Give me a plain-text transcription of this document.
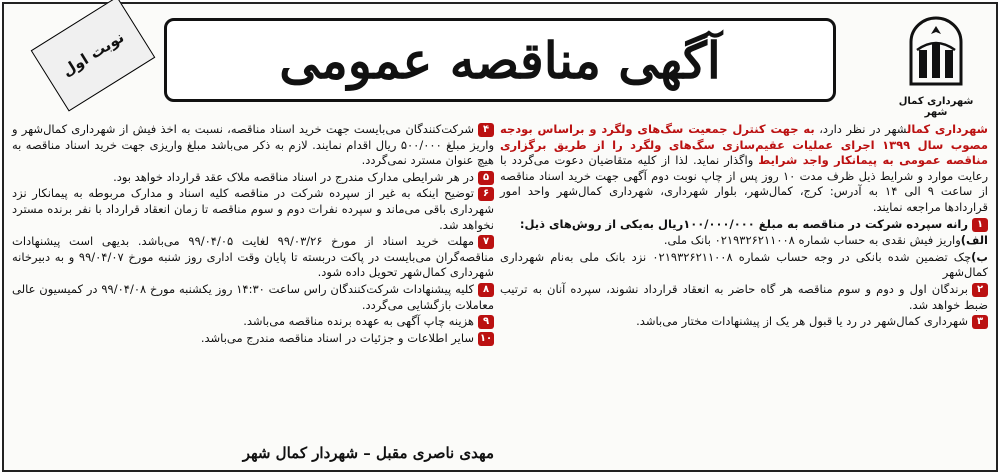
نوبت اول	آگهی مناقصه عمومی
شهرداری کمال شهر
شهرداری کمالشهر در نظر دارد، به جهت کنترل جمعیت سگ‌های ولگرد و براساس بودجه مصوب سال ۱۳۹۹ اجرای عملیات عقیم‌سازی سگ‌های ولگرد را از طریق برگزاری مناقصه عمومی به پیمانکار واجد شرایط واگذار نماید. لذا از کلیه متقاضیان دعوت می‌گردد با رعایت موارد و شرایط ذیل ظرف مدت ۱۰ روز پس از چاپ نوبت دوم آگهی جهت خرید اسناد مناقصه از ساعت ۹ الی ۱۴ به آدرس: کرج، کمال‌شهر، بلوار شهرداری، شهرداری کمال‌شهر واحد امور قراردادها مراجعه نمایند.
۱رانه سپرده شرکت در مناقصه به مبلغ ۱۰۰/۰۰۰/۰۰۰ریال به‌یکی از روش‌های ذیل:
الف)واریز فیش نقدی به حساب شماره ۰۲۱۹۳۲۶۲۱۱۰۰۸ بانک ملی.
ب)چک تضمین شده بانکی در وجه حساب شماره ۰۲۱۹۳۲۶۲۱۱۰۰۸ نزد بانک ملی به‌نام شهرداری کمال‌شهر
۲برندگان اول و دوم و سوم مناقصه هر گاه حاضر به انعقاد قرارداد نشوند، سپرده آنان به ترتیب ضبط خواهد شد.
۳شهرداری کمال‌شهر در رد یا قبول هر یک از پیشنهادات مختار می‌باشد.
۴شرکت‌کنندگان می‌بایست جهت خرید اسناد مناقصه، نسبت به اخذ فیش از شهرداری کمال‌شهر و واریز مبلغ ۵۰۰/۰۰۰ ریال اقدام نمایند. لازم به ذکر می‌باشد مبلغ واریزی جهت خرید اسناد مناقصه به هیچ عنوان مسترد نمی‌گردد.
۵در هر شرایطی مدارک مندرج در اسناد مناقصه ملاک عقد قرارداد خواهد بود.
۶توضیح اینکه به غیر از سپرده شرکت در مناقصه کلیه اسناد و مدارک مربوطه به پیمانکار نزد شهرداری باقی می‌ماند و سپرده نفرات دوم و سوم مناقصه تا زمان انعقاد قرارداد با نفر برنده مسترد نخواهد شد.
۷مهلت خرید اسناد از مورخ ۹۹/۰۳/۲۶ لغایت ۹۹/۰۴/۰۵ می‌باشد. بدیهی است پیشنهادات مناقصه‌گران می‌بایست در پاکت دربسته تا پایان وقت اداری روز شنبه مورخ ۹۹/۰۴/۰۷ و به دبیرخانه شهرداری کمال‌شهر تحویل داده شود.
۸کلیه پیشنهادات شرکت‌کنندگان راس ساعت ۱۴:۳۰ روز یکشنبه مورخ ۹۹/۰۴/۰۸ در کمیسیون عالی معاملات بازگشایی می‌گردد.
۹هزینه چاپ آگهی به عهده برنده مناقصه می‌باشد.
۱۰سایر اطلاعات و جزئیات در اسناد مناقصه مندرج می‌باشد.
مهدی ناصری مقبل – شهردار کمال شهر
